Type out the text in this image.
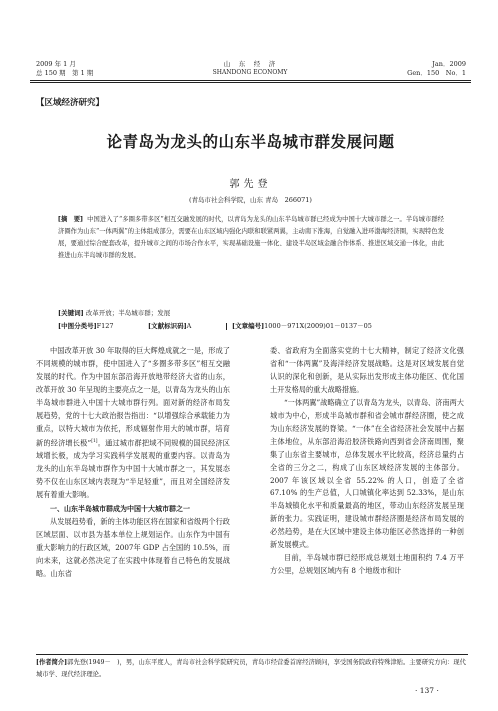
2009 年 1 月
总 150 期　第 1 期
山　东　经　济
SHANDONG ECONOMY
Jan．2009
Gen．150　No．1
【区域经济研究】
论青岛为龙头的山东半岛城市群发展问题
郭先登
(青岛市社会科学院，山东 青岛　266071)
[摘　要] 中国进入了“多圈多带多区”相互交融发展的时代，以青岛为龙头的山东半岛城市群已经成为中国十大城市群之一。半岛城市群经济圈作为山东“一体两翼”的主体组成部分，需要在山东区域内强化内联和联紧两翼，主动南下淮海，自觉融入进环渤海经济圈，实现特色发展，要通过综合配套改革，提升城市之间的市场合作水平，实现基础设施一体化、建设半岛区域金融合作体系、推进区域交通一体化，由此推进山东半岛城市群的发展。
[关键词] 改革开放；半岛城市群；发展
[中图分类号]F127	[文献标识码]A	[文章编号]1000－971X(2009)01－0137－05

中国改革开放 30 年取得的巨大辉煌成就之一是，形成了不同规模的城市群，使中国进入了“多圈多带多区”相互交融发展的时代。作为中国东部沿海开放地带经济大省的山东，改革开放 30 年呈现的主要亮点之一是，以青岛为龙头的山东半岛城市群进入中国十大城市群行列。面对新的经济布局发展趋势，党的十七大政治报告指出：“以增强综合承载能力为重点，以特大城市为依托，形成辐射作用大的城市群，培育新的经济增长极”[1]。通过城市群把域不同规模的国民经济区域增长极，成为学习实践科学发展观的重要内容。以青岛为龙头的山东半岛城市群作为中国十大城市群之一，其发展态势不仅在山东区域内表现为“半足轻重”，而且对全国经济发展有着重大影响。

一、山东半岛城市群成为中国十大城市群之一

从发展趋势看，新的主体功能区将在国家和省级两个行政区域层面、以市县为基本单位上规划运作。山东作为中国有重大影响力的行政区域，2007年 GDP 占全国的 10.5%，而向未来，这就必然决定了在实践中体现着自己特色的发展战略。山东省

委、省政府为全面落实党的十七大精神，制定了经济文化强省和“一体两翼”及海洋经济发展战略。这是对区域发展自觉认识的深化和创新，是从实际出发形成主体功能区、优化国土开发格局的重大战略措施。

“一体两翼”战略确立了以青岛为龙头，以青岛、济南两大城市为中心，形成半岛城市群和省会城市群经济圈，使之成为山东经济发展的脊梁。“一体”在全省经济社会发展中占据主体地位，从东部沿海沿胶济铁路向西到省会济南周围，聚集了山东省主要城市，总体发展水平比较高，经济总量约占全省的三分之二，构成了山东区域经济发展的主体部分。2007 年该区域以全省 55.22% 的人口，创造了全省 67.10% 的生产总值，人口城镇化率达到 52.33%，是山东半岛城镇化水平和质量最高的地区，带动山东经济发展呈现新的张力。实践证明，建设城市群经济圈是经济布局发展的必然趋势，是在大区域中建设主体功能区必然选择的一种创新发展模式。

目前，半岛城市群已经形成总规划土地面积约 7.4 万平方公里，总规划区域内有 8 个地级市和计

[作者简介]郭先登(1949－　)，男，山东平度人，青岛市社会科学院研究员，青岛市经营委首席经济顾问，享受国务院政府特殊津贴。主要研究方向：现代城市学、现代经济理论。
· 137 ·
